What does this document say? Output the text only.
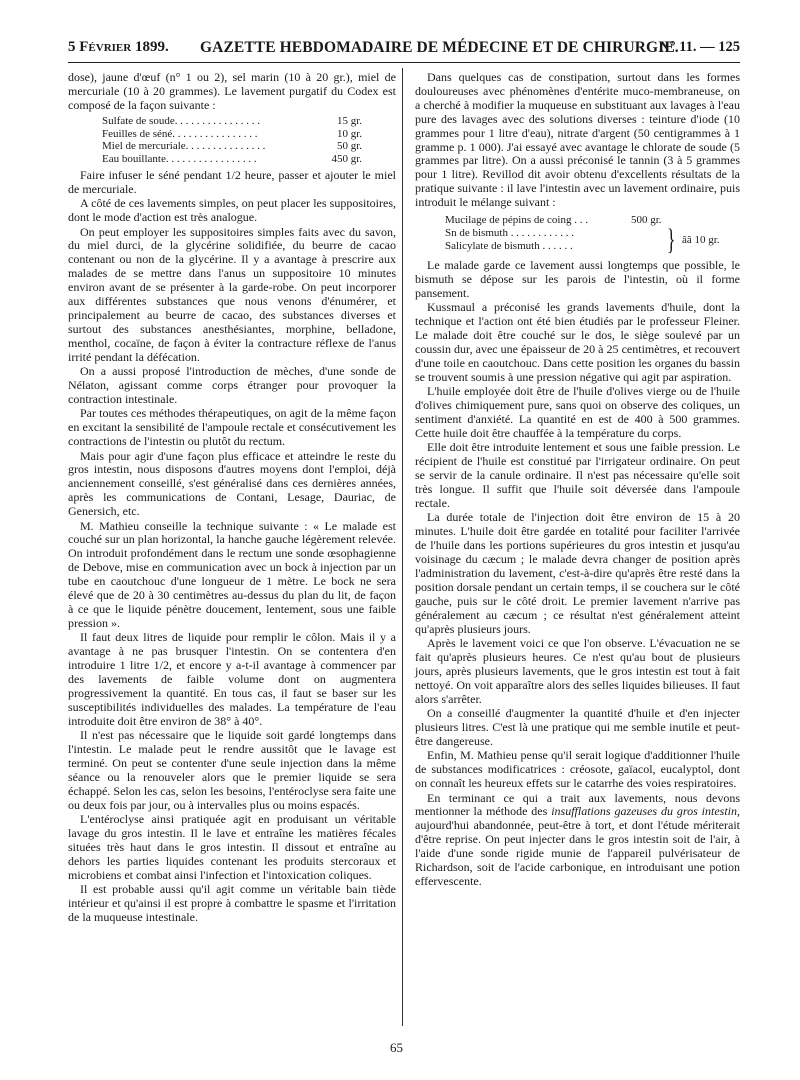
5 Février 1899. GAZETTE HEBDOMADAIRE DE MÉDECINE ET DE CHIRURGIE.
N° 11. — 125

dose), jaune d'œuf (n° 1 ou 2), sel marin (10 à 20 gr.), miel de mercuriale (10 à 20 grammes). Le lavement purgatif du Codex est composé de la façon suivante :

Sulfate de soude. . . . . . . . . . . . . . . .	15 gr.
Feuilles de séné. . . . . . . . . . . . . . . .	10 gr.
Miel de mercuriale. . . . . . . . . . . . . . .	50 gr.
Eau bouillante. . . . . . . . . . . . . . . . .	450 gr.

Faire infuser le séné pendant 1/2 heure, passer et ajouter le miel de mercuriale.

A côté de ces lavements simples, on peut placer les suppositoires, dont le mode d'action est très analogue.

On peut employer les suppositoires simples faits avec du savon, du miel durci, de la glycérine solidifiée, du beurre de cacao contenant ou non de la glycérine. Il y a avantage à prescrire aux malades de se mettre dans l'anus un suppositoire 10 minutes environ avant de se présenter à la garde-robe. On peut incorporer aux différentes substances que nous venons d'énumérer, et principalement au beurre de cacao, des substances diverses et surtout des substances anesthésiantes, morphine, belladone, menthol, cocaïne, de façon à éviter la contracture réflexe de l'anus irrité pendant la défécation.

On a aussi proposé l'introduction de mèches, d'une sonde de Nélaton, agissant comme corps étranger pour provoquer la contraction intestinale.

Par toutes ces méthodes thérapeutiques, on agit de la même façon en excitant la sensibilité de l'ampoule rectale et consécutivement les contractions de l'intestin ou plutôt du rectum.

Mais pour agir d'une façon plus efficace et atteindre le reste du gros intestin, nous disposons d'autres moyens dont l'emploi, déjà anciennement conseillé, s'est généralisé dans ces dernières années, après les communications de Contani, Lesage, Dauriac, de Genersich, etc.

M. Mathieu conseille la technique suivante : « Le malade est couché sur un plan horizontal, la hanche gauche légèrement relevée. On introduit profondément dans le rectum une sonde œsophagienne de Debove, mise en communication avec un bock à injection par un tube en caoutchouc d'une longueur de 1 mètre. Le bock ne sera élevé que de 20 à 30 centimètres au-dessus du plan du lit, de façon à ce que le liquide pénètre doucement, lentement, sous une faible pression ».

Il faut deux litres de liquide pour remplir le côlon. Mais il y a avantage à ne pas brusquer l'intestin. On se contentera d'en introduire 1 litre 1/2, et encore y a-t-il avantage à commencer par des lavements de faible volume dont on augmentera progressivement la quantité. En tous cas, il faut se baser sur les susceptibilités individuelles des malades. La température de l'eau introduite doit être environ de 38° à 40°.

Il n'est pas nécessaire que le liquide soit gardé longtemps dans l'intestin. Le malade peut le rendre aussitôt que le lavage est terminé. On peut se contenter d'une seule injection dans la même séance ou la renouveler alors que le premier liquide se sera échappé. Selon les cas, selon les besoins, l'entéroclyse sera faite une ou deux fois par jour, ou à intervalles plus ou moins espacés.

L'entéroclyse ainsi pratiquée agit en produisant un véritable lavage du gros intestin. Il le lave et entraîne les matières fécales situées très haut dans le gros intestin. Il dissout et entraîne au dehors les parties liquides contenant les produits stercoraux et microbiens et combat ainsi l'infection et l'intoxication coliques.

Il est probable aussi qu'il agit comme un véritable bain tiède intérieur et qu'ainsi il est propre à combattre le spasme et l'irritation de la muqueuse intestinale.

Dans quelques cas de constipation, surtout dans les formes douloureuses avec phénomènes d'entérite muco-membraneuse, on a cherché à modifier la muqueuse en substituant aux lavages à l'eau pure des lavages avec des solutions diverses : teinture d'iode (10 grammes pour 1 litre d'eau), nitrate d'argent (50 centigrammes à 1 gramme p. 1 000). J'ai essayé avec avantage le chlorate de soude (5 grammes par litre). On a aussi préconisé le tannin (3 à 5 grammes pour 1 litre). Revillod dit avoir obtenu d'excellents résultats de la pratique suivante : il lave l'intestin avec un lavement ordinaire, puis introduit le mélange suivant :

Mucilage de pépins de coing . . .	500 gr.
Sn de bismuth . . . . . . . . . . . .
Salicylate de bismuth . . . . . .	} ââ 10 gr.

Le malade garde ce lavement aussi longtemps que possible, le bismuth se dépose sur les parois de l'intestin, où il forme pansement.

Kussmaul a préconisé les grands lavements d'huile, dont la technique et l'action ont été bien étudiés par le professeur Fleiner. Le malade doit être couché sur le dos, le siège soulevé par un coussin dur, avec une épaisseur de 20 à 25 centimètres, et recouvert d'une toile en caoutchouc. Dans cette position les organes du bassin se trouvent soumis à une pression négative qui agit par aspiration.

L'huile employée doit être de l'huile d'olives vierge ou de l'huile d'olives chimiquement pure, sans quoi on observe des coliques, un sentiment d'anxiété. La quantité en est de 400 à 500 grammes. Cette huile doit être chauffée à la température du corps.

Elle doit être introduite lentement et sous une faible pression. Le récipient de l'huile est constitué par l'irrigateur ordinaire. On peut se servir de la canule ordinaire. Il n'est pas nécessaire qu'elle soit très longue. Il suffit que l'huile soit déversée dans l'ampoule rectale.

La durée totale de l'injection doit être environ de 15 à 20 minutes. L'huile doit être gardée en totalité pour faciliter l'arrivée de l'huile dans les portions supérieures du gros intestin et jusqu'au voisinage du cæcum ; le malade devra changer de position après l'administration du lavement, c'est-à-dire qu'après être resté dans la position dorsale pendant un certain temps, il se couchera sur le côté gauche, puis sur le côté droit. Le premier lavement n'arrive pas généralement au cæcum ; ce résultat n'est généralement atteint qu'après plusieurs jours.

Après le lavement voici ce que l'on observe. L'évacuation ne se fait qu'après plusieurs heures. Ce n'est qu'au bout de plusieurs jours, après plusieurs lavements, que le gros intestin est tout à fait nettoyé. On voit apparaître alors des selles liquides bilieuses. Il faut alors s'arrêter.

On a conseillé d'augmenter la quantité d'huile et d'en injecter plusieurs litres. C'est là une pratique qui me semble inutile et peut-être dangereuse.

Enfin, M. Mathieu pense qu'il serait logique d'additionner l'huile de substances modificatrices : créosote, gaïacol, eucalyptol, dont on connaît les heureux effets sur le catarrhe des voies respiratoires.

En terminant ce qui a trait aux lavements, nous devons mentionner la méthode des insufflations gazeuses du gros intestin, aujourd'hui abandonnée, peut-être à tort, et dont l'étude mériterait d'être reprise. On peut injecter dans le gros intestin soit de l'air, à l'aide d'une sonde rigide munie de l'appareil pulvérisateur de Richardson, soit de l'acide carbonique, en introduisant une potion effervescente.

65
